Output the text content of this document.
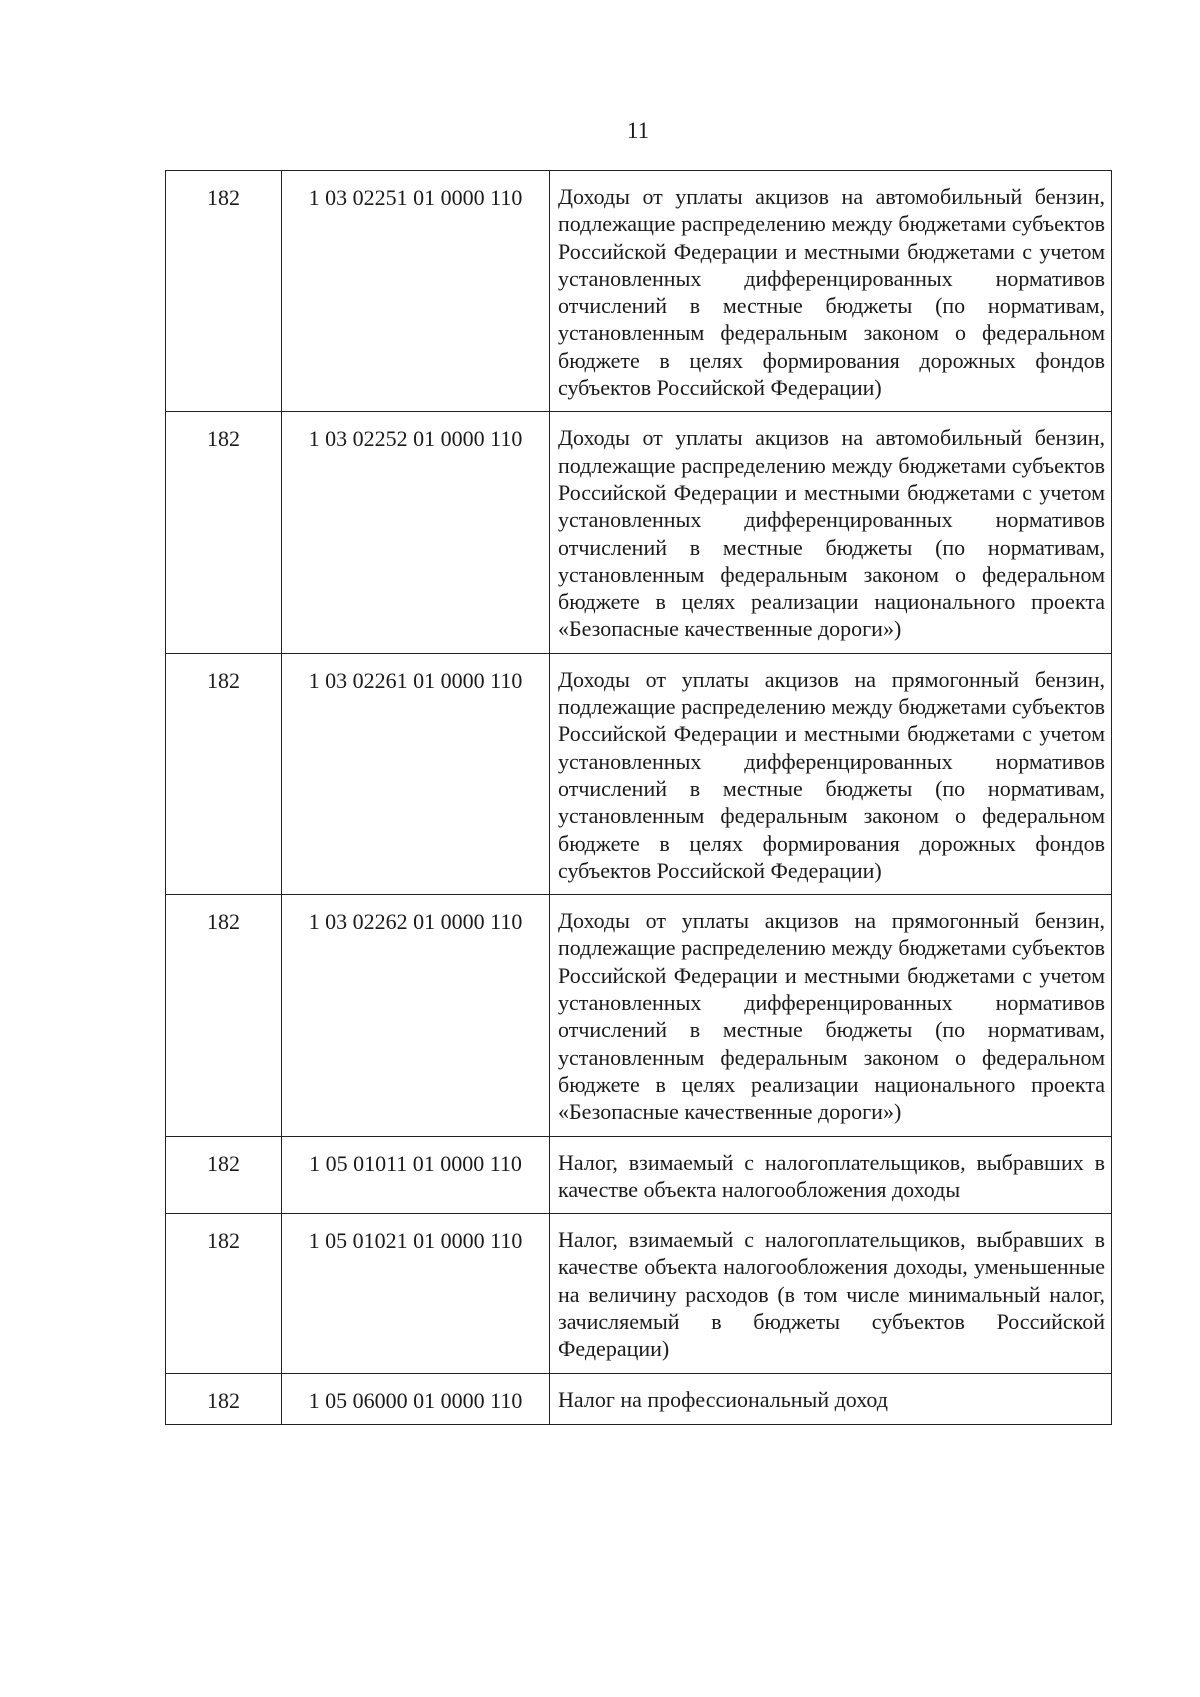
11
182	1 03 02251 01 0000 110	Доходы от уплаты акцизов на автомобильный бензин, подлежащие распределению между бюджетами субъектов Российской Федерации и местными бюджетами с учетом установленных дифференцированных нормативов отчислений в местные бюджеты (по нормативам, установленным федеральным законом о федеральном бюджете в целях формирования дорожных фондов субъектов Российской Федерации)
182	1 03 02252 01 0000 110	Доходы от уплаты акцизов на автомобильный бензин, подлежащие распределению между бюджетами субъектов Российской Федерации и местными бюджетами с учетом установленных дифференцированных нормативов отчислений в местные бюджеты (по нормативам, установленным федеральным законом о федеральном бюджете в целях реализации национального проекта «Безопасные качественные дороги»)
182	1 03 02261 01 0000 110	Доходы от уплаты акцизов на прямогонный бензин, подлежащие распределению между бюджетами субъектов Российской Федерации и местными бюджетами с учетом установленных дифференцированных нормативов отчислений в местные бюджеты (по нормативам, установленным федеральным законом о федеральном бюджете в целях формирования дорожных фондов субъектов Российской Федерации)
182	1 03 02262 01 0000 110	Доходы от уплаты акцизов на прямогонный бензин, подлежащие распределению между бюджетами субъектов Российской Федерации и местными бюджетами с учетом установленных дифференцированных нормативов отчислений в местные бюджеты (по нормативам, установленным федеральным законом о федеральном бюджете в целях реализации национального проекта «Безопасные качественные дороги»)
182	1 05 01011 01 0000 110	Налог, взимаемый с налогоплательщиков, выбравших в качестве объекта налогообложения доходы
182	1 05 01021 01 0000 110	Налог, взимаемый с налогоплательщиков, выбравших в качестве объекта налогообложения доходы, уменьшенные на величину расходов (в том числе минимальный налог, зачисляемый в бюджеты субъектов Российской Федерации)
182	1 05 06000 01 0000 110	Налог на профессиональный доход
